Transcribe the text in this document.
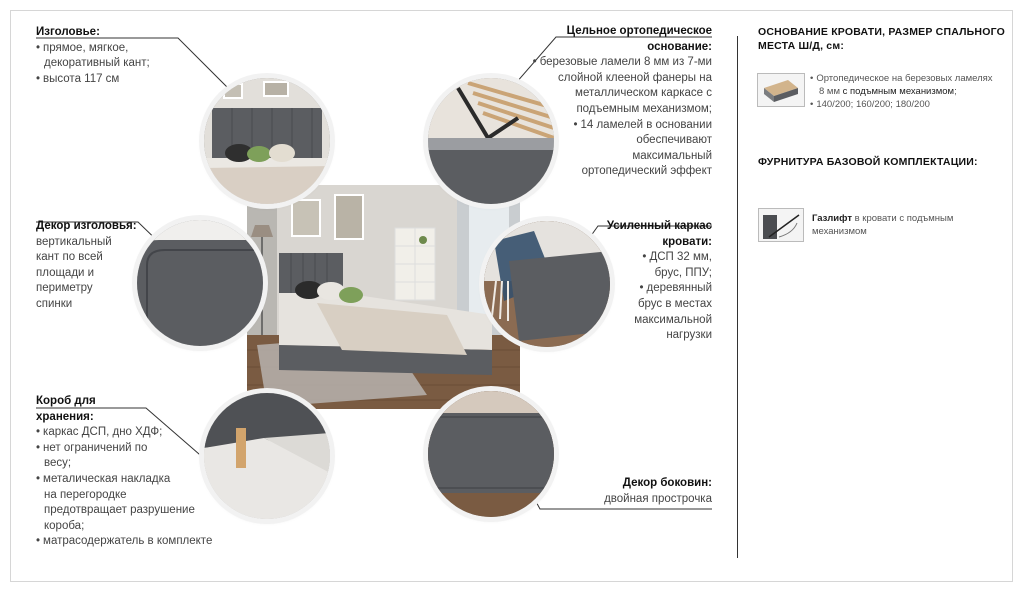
Изголовье:
• прямое, мягкое,
декоративный кант;
• высота 117 см
Декор изголовья:
вертикальный
кант по всей
площади и
периметру
спинки
Короб для
хранения:
• каркас ДСП, дно ХДФ;
• нет ограничений по
весу;
• металическая накладка
на перегородке
предотвращает разрушение
короба;
• матрасодержатель в комплекте
Цельное ортопедическое
основание:
• березовые ламели 8 мм из 7-ми
слойной клееной фанеры на
металлическом каркасе с
подъемным механизмом;
• 14 ламелей в основании
обеспечивают
максимальный
ортопедический эффект
Усиленный каркас
кровати:
• ДСП 32 мм,
брус, ППУ;
• деревянный
брус в местах
максимальной
нагрузки
Декор боковин:
двойная прострочка
ОСНОВАНИЕ КРОВАТИ, РАЗМЕР СПАЛЬНОГО
МЕСТА Ш/Д, см:
• Ортопедическое на березовых ламелях
8 мм с подъмным механизмом;
• 140/200; 160/200; 180/200
ФУРНИТУРА БАЗОВОЙ КОМПЛЕКТАЦИИ:
Газлифт в кровати с подъмным
механизмом
